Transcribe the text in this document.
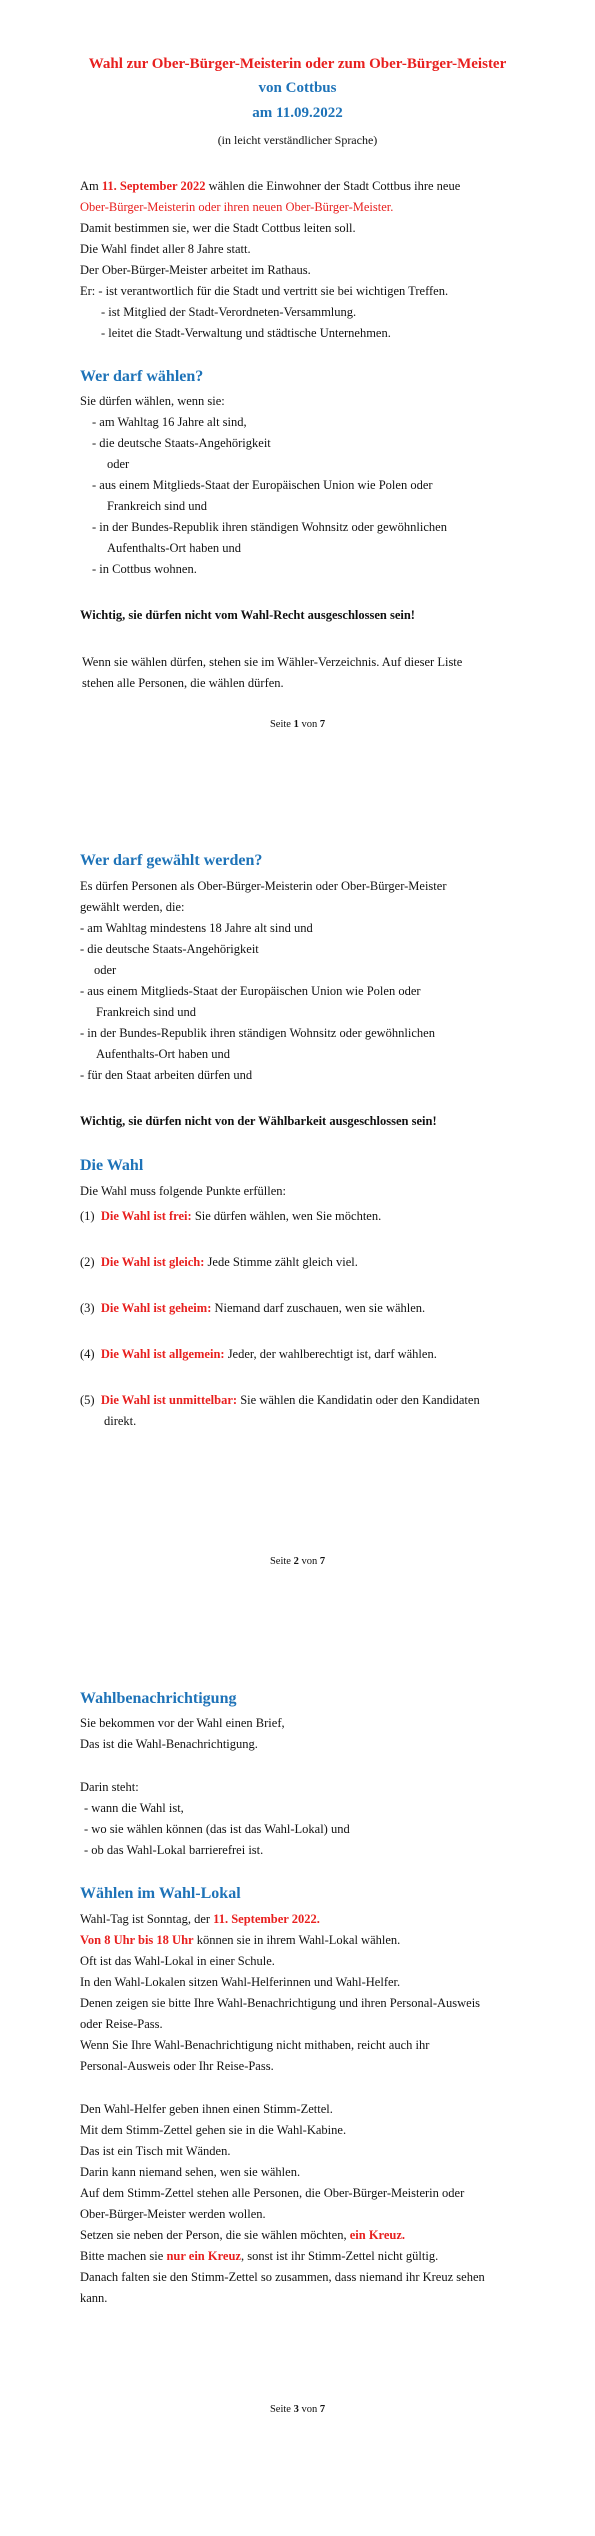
Wahl zur Ober-Bürger-Meisterin oder zum Ober-Bürger-Meister
von Cottbus
am 11.09.2022
(in leicht verständlicher Sprache)
Am 11. September 2022 wählen die Einwohner der Stadt Cottbus ihre neue
Ober-Bürger-Meisterin oder ihren neuen Ober-Bürger-Meister.
Damit bestimmen sie, wer die Stadt Cottbus leiten soll.
Die Wahl findet aller 8 Jahre statt.
Der Ober-Bürger-Meister arbeitet im Rathaus.
Er: - ist verantwortlich für die Stadt und vertritt sie bei wichtigen Treffen.
- ist Mitglied der Stadt-Verordneten-Versammlung.
- leitet die Stadt-Verwaltung und städtische Unternehmen.
Wer darf wählen?
Sie dürfen wählen, wenn sie:
- am Wahltag 16 Jahre alt sind,
- die deutsche Staats-Angehörigkeit
oder
- aus einem Mitglieds-Staat der Europäischen Union wie Polen oder
Frankreich sind und
- in der Bundes-Republik ihren ständigen Wohnsitz oder gewöhnlichen
Aufenthalts-Ort haben und
- in Cottbus wohnen.
Wichtig, sie dürfen nicht vom Wahl-Recht ausgeschlossen sein!
Wenn sie wählen dürfen, stehen sie im Wähler-Verzeichnis. Auf dieser Liste
stehen alle Personen, die wählen dürfen.
Seite 1 von 7
Wer darf gewählt werden?
Es dürfen Personen als Ober-Bürger-Meisterin oder Ober-Bürger-Meister
gewählt werden, die:
- am Wahltag mindestens 18 Jahre alt sind und
- die deutsche Staats-Angehörigkeit
oder
- aus einem Mitglieds-Staat der Europäischen Union wie Polen oder
Frankreich sind und
- in der Bundes-Republik ihren ständigen Wohnsitz oder gewöhnlichen
Aufenthalts-Ort haben und
- für den Staat arbeiten dürfen und
Wichtig, sie dürfen nicht von der Wählbarkeit ausgeschlossen sein!
Die Wahl
Die Wahl muss folgende Punkte erfüllen:
(1) Die Wahl ist frei: Sie dürfen wählen, wen Sie möchten.
(2) Die Wahl ist gleich: Jede Stimme zählt gleich viel.
(3) Die Wahl ist geheim: Niemand darf zuschauen, wen sie wählen.
(4) Die Wahl ist allgemein: Jeder, der wahlberechtigt ist, darf wählen.
(5) Die Wahl ist unmittelbar: Sie wählen die Kandidatin oder den Kandidaten
direkt.
Seite 2 von 7
Wahlbenachrichtigung
Sie bekommen vor der Wahl einen Brief,
Das ist die Wahl-Benachrichtigung.
Darin steht:
- wann die Wahl ist,
- wo sie wählen können (das ist das Wahl-Lokal) und
- ob das Wahl-Lokal barrierefrei ist.
Wählen im Wahl-Lokal
Wahl-Tag ist Sonntag, der 11. September 2022.
Von 8 Uhr bis 18 Uhr können sie in ihrem Wahl-Lokal wählen.
Oft ist das Wahl-Lokal in einer Schule.
In den Wahl-Lokalen sitzen Wahl-Helferinnen und Wahl-Helfer.
Denen zeigen sie bitte Ihre Wahl-Benachrichtigung und ihren Personal-Ausweis
oder Reise-Pass.
Wenn Sie Ihre Wahl-Benachrichtigung nicht mithaben, reicht auch ihr
Personal-Ausweis oder Ihr Reise-Pass.
Den Wahl-Helfer geben ihnen einen Stimm-Zettel.
Mit dem Stimm-Zettel gehen sie in die Wahl-Kabine.
Das ist ein Tisch mit Wänden.
Darin kann niemand sehen, wen sie wählen.
Auf dem Stimm-Zettel stehen alle Personen, die Ober-Bürger-Meisterin oder
Ober-Bürger-Meister werden wollen.
Setzen sie neben der Person, die sie wählen möchten, ein Kreuz.
Bitte machen sie nur ein Kreuz, sonst ist ihr Stimm-Zettel nicht gültig.
Danach falten sie den Stimm-Zettel so zusammen, dass niemand ihr Kreuz sehen
kann.
Seite 3 von 7
